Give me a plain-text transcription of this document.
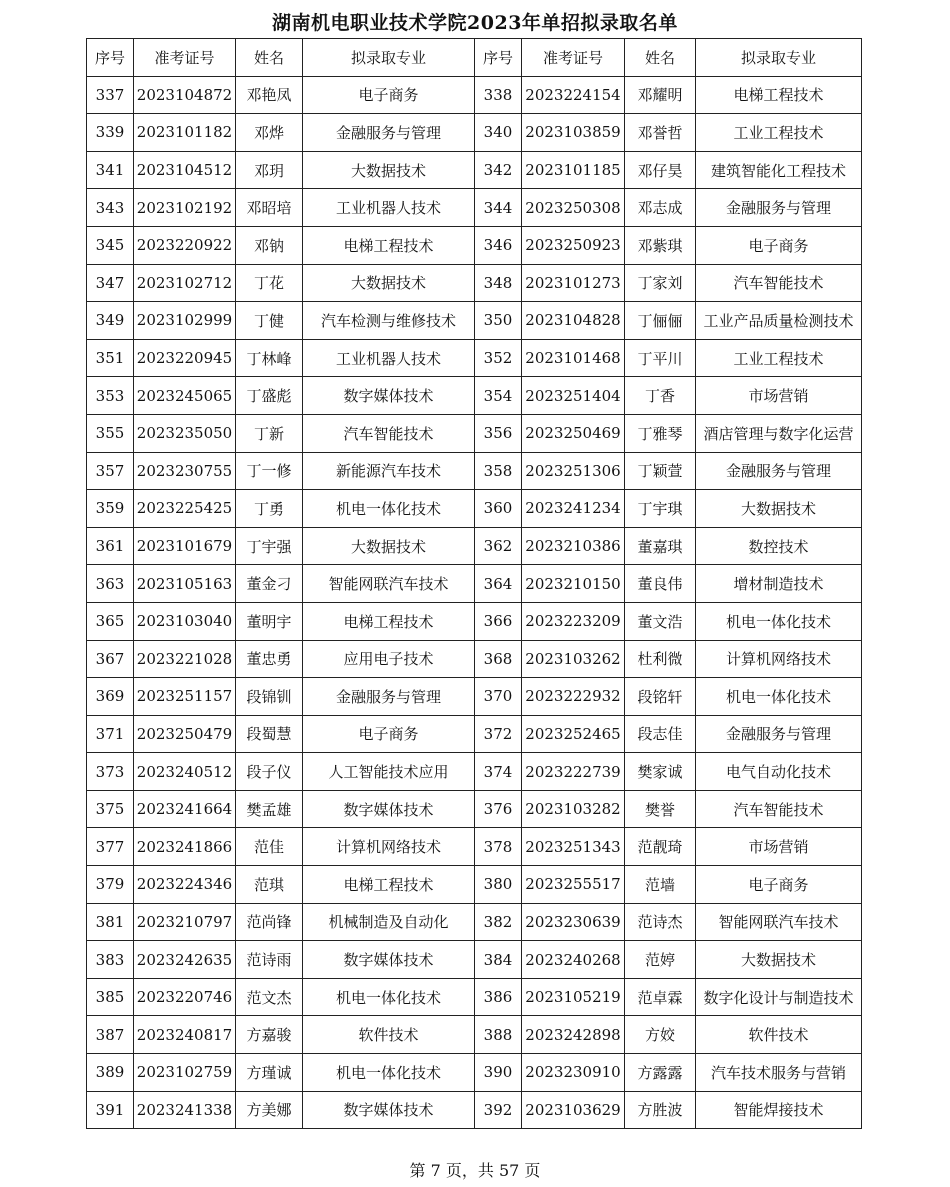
湖南机电职业技术学院2023年单招拟录取名单
序号	准考证号	姓名	拟录取专业	序号	准考证号	姓名	拟录取专业
337	2023104872	邓艳凤	电子商务	338	2023224154	邓耀明	电梯工程技术
339	2023101182	邓烨	金融服务与管理	340	2023103859	邓誉哲	工业工程技术
341	2023104512	邓玥	大数据技术	342	2023101185	邓仔昊	建筑智能化工程技术
343	2023102192	邓昭培	工业机器人技术	344	2023250308	邓志成	金融服务与管理
345	2023220922	邓钠	电梯工程技术	346	2023250923	邓紫琪	电子商务
347	2023102712	丁花	大数据技术	348	2023101273	丁家刘	汽车智能技术
349	2023102999	丁健	汽车检测与维修技术	350	2023104828	丁俪俪	工业产品质量检测技术
351	2023220945	丁林峰	工业机器人技术	352	2023101468	丁平川	工业工程技术
353	2023245065	丁盛彪	数字媒体技术	354	2023251404	丁香	市场营销
355	2023235050	丁新	汽车智能技术	356	2023250469	丁雅琴	酒店管理与数字化运营
357	2023230755	丁一修	新能源汽车技术	358	2023251306	丁颖萱	金融服务与管理
359	2023225425	丁勇	机电一体化技术	360	2023241234	丁宇琪	大数据技术
361	2023101679	丁宇强	大数据技术	362	2023210386	董嘉琪	数控技术
363	2023105163	董金刁	智能网联汽车技术	364	2023210150	董良伟	增材制造技术
365	2023103040	董明宇	电梯工程技术	366	2023223209	董文浩	机电一体化技术
367	2023221028	董忠勇	应用电子技术	368	2023103262	杜利微	计算机网络技术
369	2023251157	段锦钏	金融服务与管理	370	2023222932	段铭轩	机电一体化技术
371	2023250479	段蜀慧	电子商务	372	2023252465	段志佳	金融服务与管理
373	2023240512	段子仪	人工智能技术应用	374	2023222739	樊家诚	电气自动化技术
375	2023241664	樊孟雄	数字媒体技术	376	2023103282	樊誉	汽车智能技术
377	2023241866	范佳	计算机网络技术	378	2023251343	范靓琦	市场营销
379	2023224346	范琪	电梯工程技术	380	2023255517	范墙	电子商务
381	2023210797	范尚锋	机械制造及自动化	382	2023230639	范诗杰	智能网联汽车技术
383	2023242635	范诗雨	数字媒体技术	384	2023240268	范婷	大数据技术
385	2023220746	范文杰	机电一体化技术	386	2023105219	范卓霖	数字化设计与制造技术
387	2023240817	方嘉骏	软件技术	388	2023242898	方姣	软件技术
389	2023102759	方瑾诚	机电一体化技术	390	2023230910	方露露	汽车技术服务与营销
391	2023241338	方美娜	数字媒体技术	392	2023103629	方胜波	智能焊接技术
第 7 页，共 57 页
